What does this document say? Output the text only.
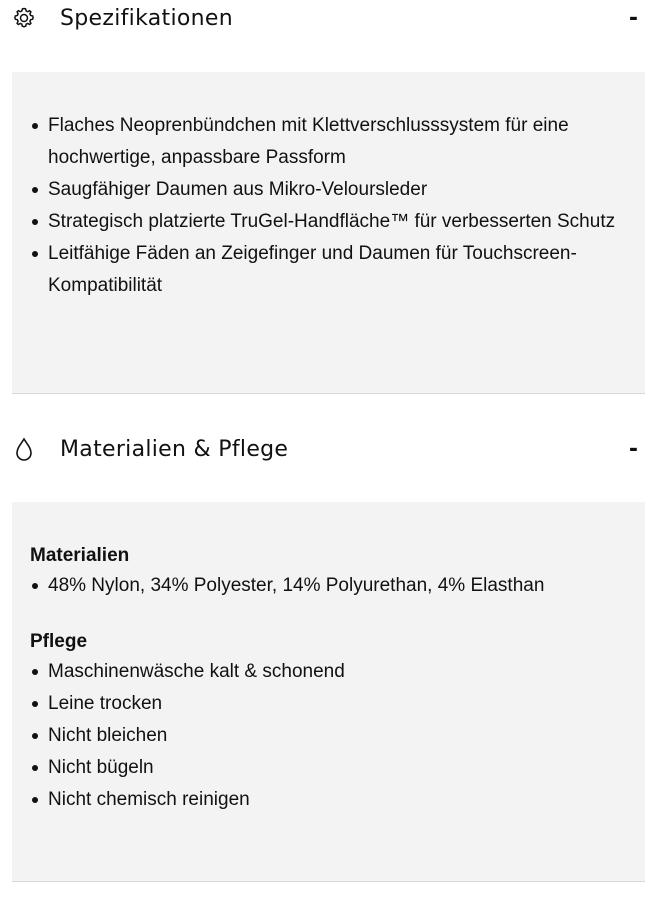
Spezifikationen	-
Flaches Neoprenbündchen mit Klettverschlusssystem für eine hochwertige, anpassbare Passform
Saugfähiger Daumen aus Mikro-Veloursleder
Strategisch platzierte TruGel-Handfläche™ für verbesserten Schutz
Leitfähige Fäden an Zeigefinger und Daumen für Touchscreen-Kompatibilität
Materialien & Pflege	-
Materialien
48% Nylon, 34% Polyester, 14% Polyurethan, 4% Elasthan
Pflege
Maschinenwäsche kalt & schonend
Leine trocken
Nicht bleichen
Nicht bügeln
Nicht chemisch reinigen
